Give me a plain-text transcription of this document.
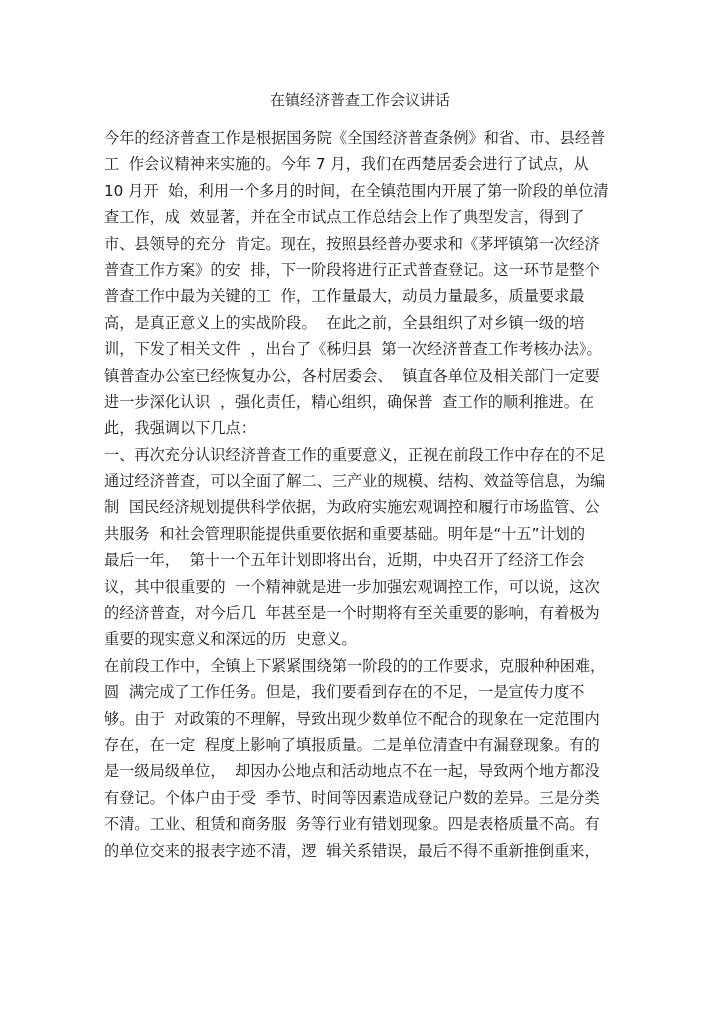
在镇经济普查工作会议讲话

今年的经济普查工作是根据国务院《全国经济普查条例》和省、市、县经普

工  作会议精神来实施的。今年 7 月，我们在西楚居委会进行了试点，从

10 月开  始，利用一个多月的时间，在全镇范围内开展了第一阶段的单位清

查工作，成  效显著，并在全市试点工作总结会上作了典型发言，得到了

市、县领导的充分  肯定。现在，按照县经普办要求和《茅坪镇第一次经济

普查工作方案》的安  排，下一阶段将进行正式普查登记。这一环节是整个

普查工作中最为关键的工  作，工作量最大，动员力量最多，质量要求最

高，是真正意义上的实战阶段。  在此之前，全县组织了对乡镇一级的培

训，下发了相关文件  ，出台了《秭归县  第一次经济普查工作考核办法》。

镇普查办公室已经恢复办公，各村居委会、  镇直各单位及相关部门一定要

进一步深化认识  ，强化责任，精心组织，确保普  查工作的顺利推进。在

此，我强调以下几点：

一、再次充分认识经济普查工作的重要意义，正视在前段工作中存在的不足

通过经济普查，可以全面了解二、三产业的规模、结构、效益等信息，为编

制  国民经济规划提供科学依据，为政府实施宏观调控和履行市场监管、公

共服务  和社会管理职能提供重要依据和重要基础。明年是“十五”计划的

最后一年，  第十一个五年计划即将出台，近期，中央召开了经济工作会

议，其中很重要的  一个精神就是进一步加强宏观调控工作，可以说，这次

的经济普查，对今后几  年甚至是一个时期将有至关重要的影响，有着极为

重要的现实意义和深远的历  史意义。

在前段工作中，全镇上下紧紧围绕第一阶段的的工作要求，克服种种困难，

圆  满完成了工作任务。但是，我们要看到存在的不足，一是宣传力度不

够。由于  对政策的不理解，导致出现少数单位不配合的现象在一定范围内

存在，在一定  程度上影响了填报质量。二是单位清查中有漏登现象。有的

是一级局级单位，  却因办公地点和活动地点不在一起，导致两个地方都没

有登记。个体户由于受  季节、时间等因素造成登记户数的差异。三是分类

不清。工业、租赁和商务服  务等行业有错划现象。四是表格质量不高。有

的单位交来的报表字迹不清，逻  辑关系错误，最后不得不重新推倒重来，
